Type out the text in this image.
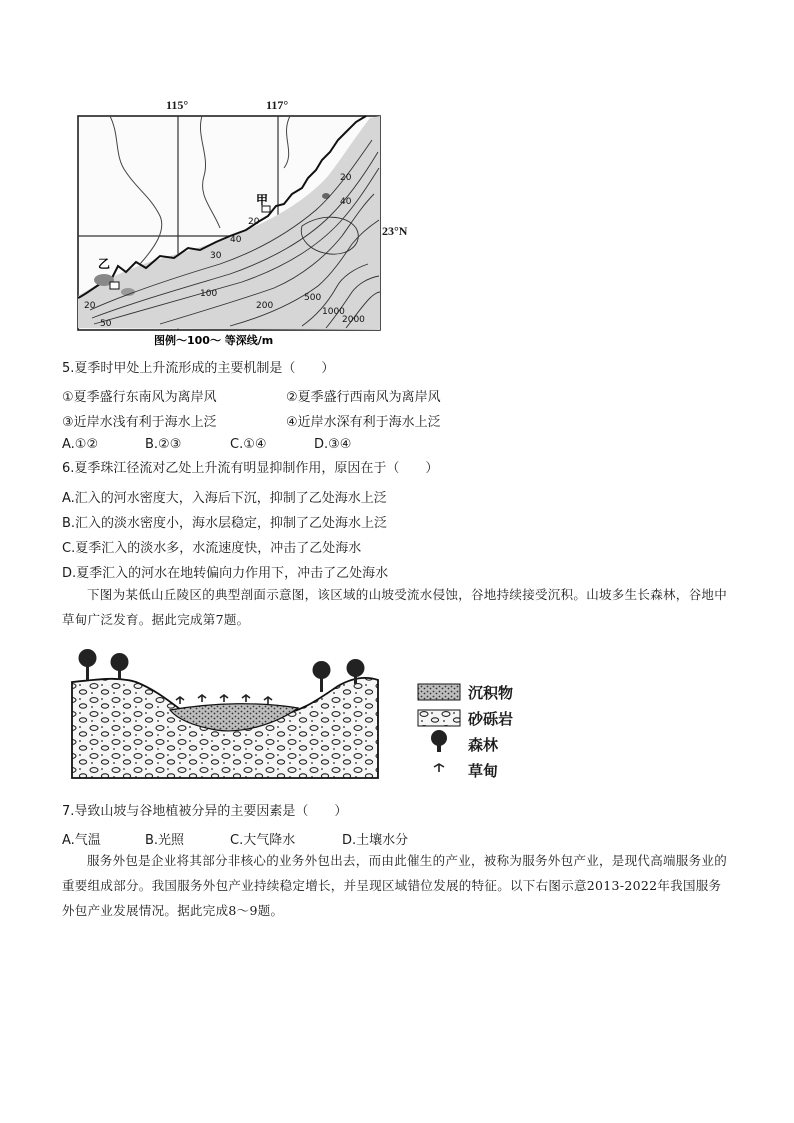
甲
乙
20
40
20
40
30
20
50
100
200
500
1000
2000
图例〜100〜 等深线/m
115°	117°
23°N
5.夏季时甲处上升流形成的主要机制是（　　）
①夏季盛行东南风为离岸风	②夏季盛行西南风为离岸风
③近岸水浅有利于海水上泛	④近岸水深有利于海水上泛
A.①②	B.②③	C.①④	D.③④
6.夏季珠江径流对乙处上升流有明显抑制作用，原因在于（　　）
A.汇入的河水密度大，入海后下沉，抑制了乙处海水上泛
B.汇入的淡水密度小，海水层稳定，抑制了乙处海水上泛
C.夏季汇入的淡水多，水流速度快，冲击了乙处海水
D.夏季汇入的河水在地转偏向力作用下，冲击了乙处海水
下图为某低山丘陵区的典型剖面示意图，该区域的山坡受流水侵蚀，谷地持续接受沉积。山坡多生长森林，谷地中草甸广泛发育。据此完成第7题。
沉积物
砂砾岩
森林
草甸
7.导致山坡与谷地植被分异的主要因素是（　　）
A.气温	B.光照	C.大气降水	D.土壤水分
服务外包是企业将其部分非核心的业务外包出去，而由此催生的产业，被称为服务外包产业，是现代高端服务业的重要组成部分。我国服务外包产业持续稳定增长，并呈现区域错位发展的特征。以下右图示意2013-2022年我国服务外包产业发展情况。据此完成8～9题。
